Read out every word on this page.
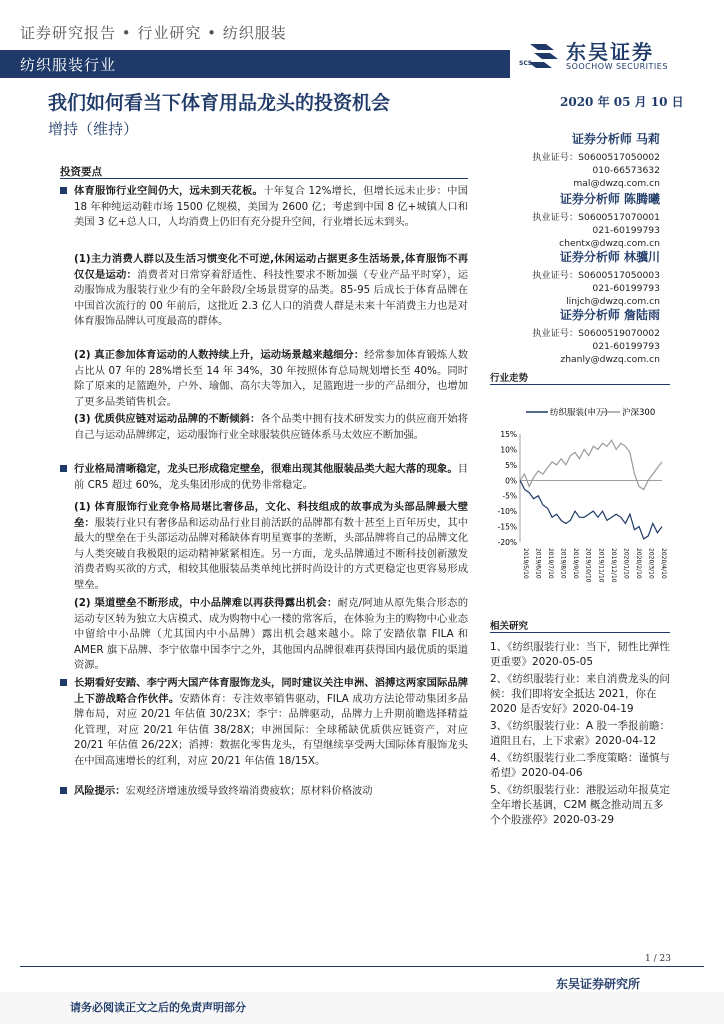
证券研究报告 • 行业研究 • 纺织服装
纺织服装行业
东吴证券
SOOCHOW SECURITIES
SCS
我们如何看当下体育用品龙头的投资机会
增持（维持）
2020 年 05 月 10 日
投资要点
体育服饰行业空间仍大，远未到天花板。十年复合 12%增长，但增长远未止步：中国 18 年种纯运动鞋市场 1500 亿规模，美国为 2600 亿；考虑到中国 8 亿+城镇人口和美国 3 亿+总人口，人均消费上仍旧有充分提升空间，行业增长远未到头。
(1)主力消费人群以及生活习惯变化不可逆,休闲运动占据更多生活场景,体育服饰不再仅仅是运动：消费者对日常穿着舒适性、科技性要求不断加强（专业产品平时穿），运动服饰成为服装行业少有的全年龄段/全场景贯穿的品类。85-95 后成长于体育品牌在中国首次流行的 00 年前后，这批近 2.3 亿人口的消费人群是未来十年消费主力也是对体育服饰品牌认可度最高的群体。
(2) 真正参加体育运动的人数持续上升，运动场景越来越细分：经常参加体育锻炼人数占比从 07 年的 28%增长至 14 年 34%，30 年按照体育总局规划增长至 40%。同时除了原来的足篮跑外，户外、瑜伽、高尔夫等加入，足篮跑进一步的产品细分，也增加了更多品类销售机会。
(3) 优质供应链对运动品牌的不断倾斜：各个品类中拥有技术研发实力的供应商开始将自己与运动品牌绑定，运动服饰行业全球服装供应链体系马太效应不断加强。
行业格局清晰稳定，龙头已形成稳定壁垒，很难出现其他服装品类大起大落的现象。目前 CR5 超过 60%，龙头集团形成的优势非常稳定。
(1) 体育服饰行业竞争格局堪比奢侈品，文化、科技组成的故事成为头部品牌最大壁垒：服装行业只有奢侈品和运动品行业目前活跃的品牌都有数十甚至上百年历史，其中最大的壁垒在于头部运动品牌对稀缺体育明星赛事的垄断，头部品牌将自己的品牌文化与人类突破自我极限的运动精神紧紧相连。另一方面，龙头品牌通过不断科技创新激发消费者购买欲的方式，相较其他服装品类单纯比拼时尚设计的方式更稳定也更容易形成壁垒。
(2) 渠道壁垒不断形成，中小品牌难以再获得露出机会：耐克/阿迪从原先集合形态的运动专区转为独立大店模式、成为购物中心一楼的常客后，在体验为主的购物中心业态中留给中小品牌（尤其国内中小品牌）露出机会越来越小。除了安踏依靠 FILA 和 AMER 旗下品牌、李宁依靠中国李宁之外，其他国内品牌很难再获得国内最优质的渠道资源。
长期看好安踏、李宁两大国产体育服饰龙头，同时建议关注申洲、滔搏这两家国际品牌上下游战略合作伙伴。安踏体育：专注效率销售驱动，FILA 成功方法论带动集团多品牌布局，对应 20/21 年估值 30/23X；李宁：品牌驱动，品牌力上升期前瞻选择精益化管理，对应 20/21 年估值 38/28X；申洲国际：全球稀缺优质供应链资产，对应 20/21 年估值 26/22X；滔搏：数据化零售龙头，有望继续享受两大国际体育服饰龙头在中国高速增长的红利，对应 20/21 年估值 18/15X。
风险提示：宏观经济增速放缓导致终端消费疲软；原材料价格波动
证券分析师 马莉
执业证号：S0600517050002
010-66573632
mal@dwzq.com.cn
证券分析师 陈腾曦
执业证号：S0600517070001
021-60199793
chentx@dwzq.com.cn
证券分析师 林骥川
执业证号：S0600517050003
021-60199793
linjch@dwzq.com.cn
证券分析师 詹陆雨
执业证号：S0600519070002
021-60199793
zhanly@dwzq.com.cn
行业走势
纺织服装(申万) 沪深300
15%
10%
5%
0%
-5%
-10%
-15%
-20%
2019/5/10 2019/6/10 2019/7/10 2019/8/10 2019/9/10 2019/10/10 2019/11/10 2019/12/10 2020/1/10 2020/2/10 2020/3/10 2020/4/10
相关研究
1、《纺织服装行业：当下，韧性比弹性更重要》2020-05-05
2、《纺织服装行业：来自消费龙头的问候：我们即将安全抵达 2021，你在 2020 是否安好》2020-04-19
3、《纺织服装行业：A 股一季报前瞻：道阻且右，上下求索》2020-04-12
4、《纺织服装行业二季度策略：谨慎与希望》2020-04-06
5、《纺织服装行业：港股运动年报莫定全年增长基调，C2M 概念推动周五多个个股涨停》2020-03-29
1 / 23
东吴证券研究所
请务必阅读正文之后的免责声明部分
